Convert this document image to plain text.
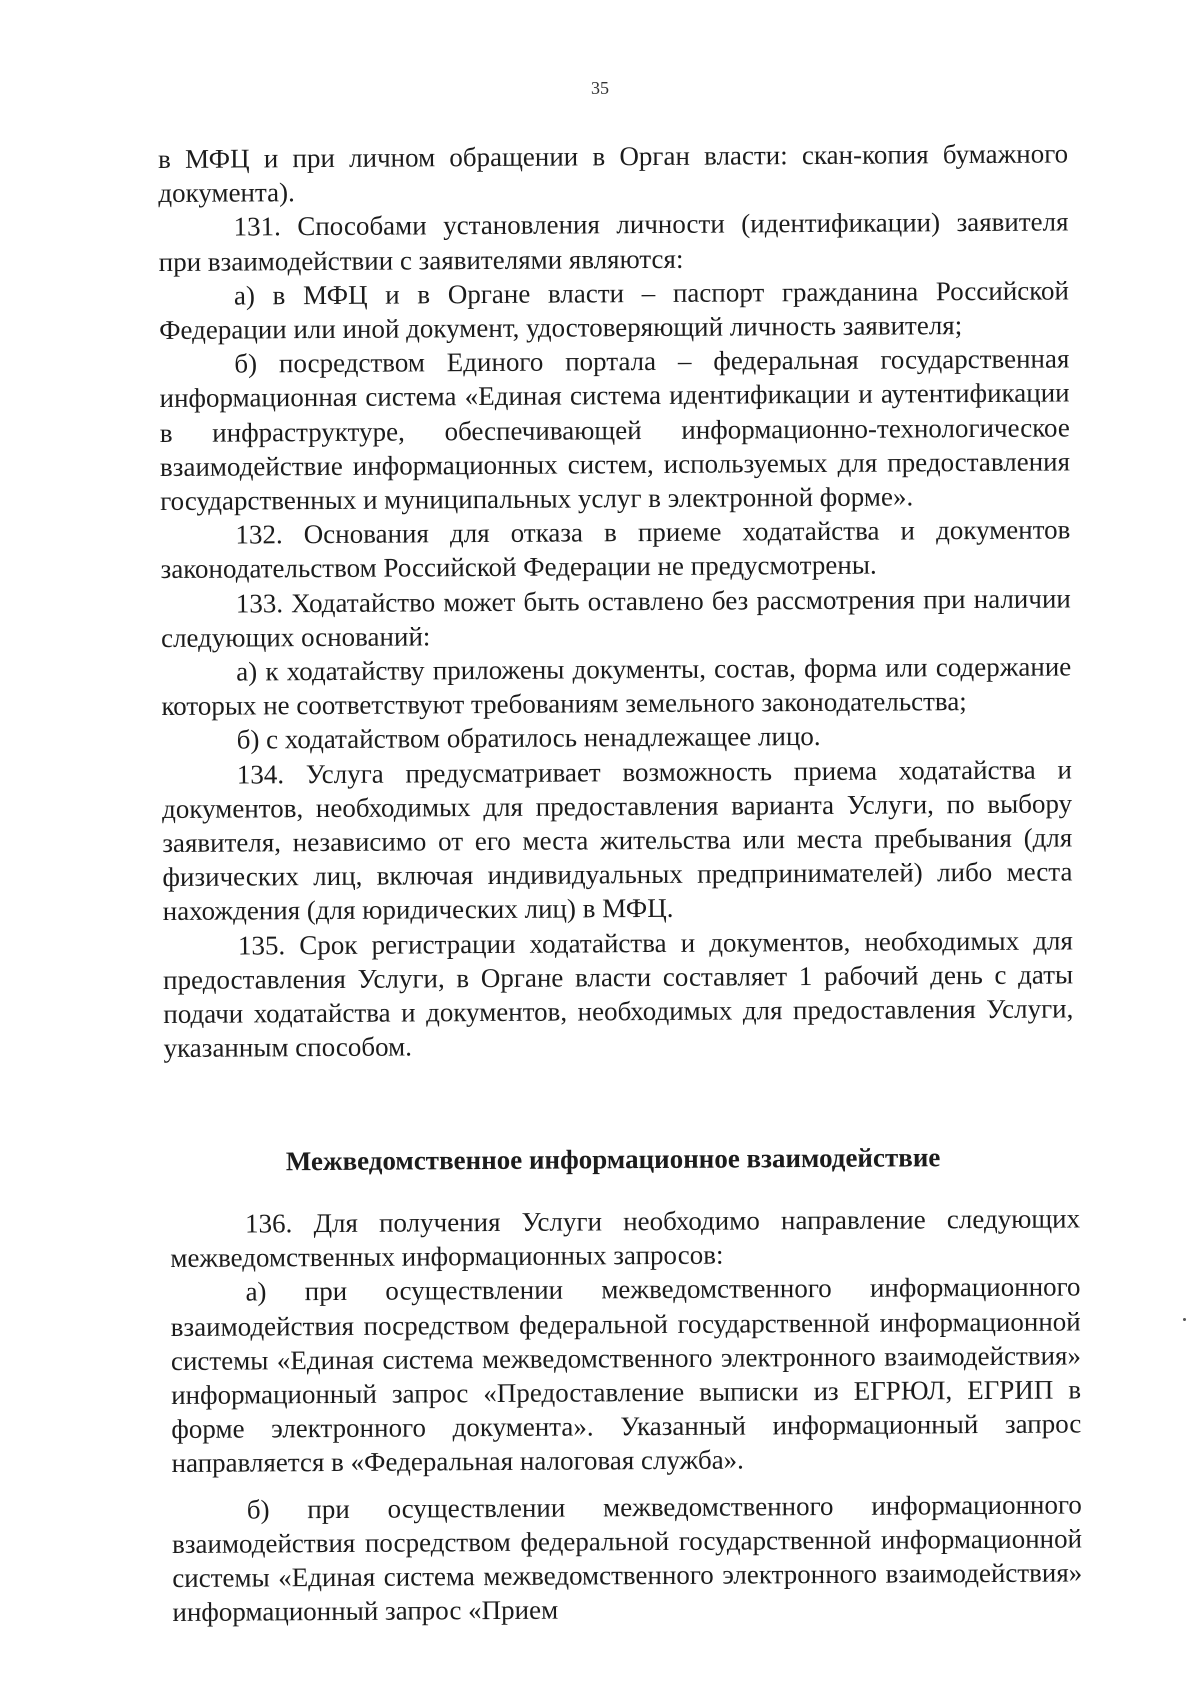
35

в МФЦ и при личном обращении в Орган власти: скан-копия бумажного документа).

131. Способами установления личности (идентификации) заявителя при взаимодействии с заявителями являются:

а) в МФЦ и в Органе власти – паспорт гражданина Российской Федерации или иной документ, удостоверяющий личность заявителя;

б) посредством Единого портала – федеральная государственная информационная система «Единая система идентификации и аутентификации в инфраструктуре, обеспечивающей информационно-технологическое взаимодействие информационных систем, используемых для предоставления государственных и муниципальных услуг в электронной форме».

132. Основания для отказа в приеме ходатайства и документов законодательством Российской Федерации не предусмотрены.

133. Ходатайство может быть оставлено без рассмотрения при наличии следующих оснований:

а) к ходатайству приложены документы, состав, форма или содержание которых не соответствуют требованиям земельного законодательства;

б) с ходатайством обратилось ненадлежащее лицо.

134. Услуга предусматривает возможность приема ходатайства и документов, необходимых для предоставления варианта Услуги, по выбору заявителя, независимо от его места жительства или места пребывания (для физических лиц, включая индивидуальных предпринимателей) либо места нахождения (для юридических лиц) в МФЦ.

135. Срок регистрации ходатайства и документов, необходимых для предоставления Услуги, в Органе власти составляет 1 рабочий день с даты подачи ходатайства и документов, необходимых для предоставления Услуги, указанным способом.

Межведомственное информационное взаимодействие

136. Для получения Услуги необходимо направление следующих межведомственных информационных запросов:

а) при осуществлении межведомственного информационного взаимодействия посредством федеральной государственной информационной системы «Единая система межведомственного электронного взаимодействия» информационный запрос «Предоставление выписки из ЕГРЮЛ, ЕГРИП в форме электронного документа». Указанный информационный запрос направляется в «Федеральная налоговая служба».

б) при осуществлении межведомственного информационного взаимодействия посредством федеральной государственной информационной системы «Единая система межведомственного электронного взаимодействия» информационный запрос «Прием
